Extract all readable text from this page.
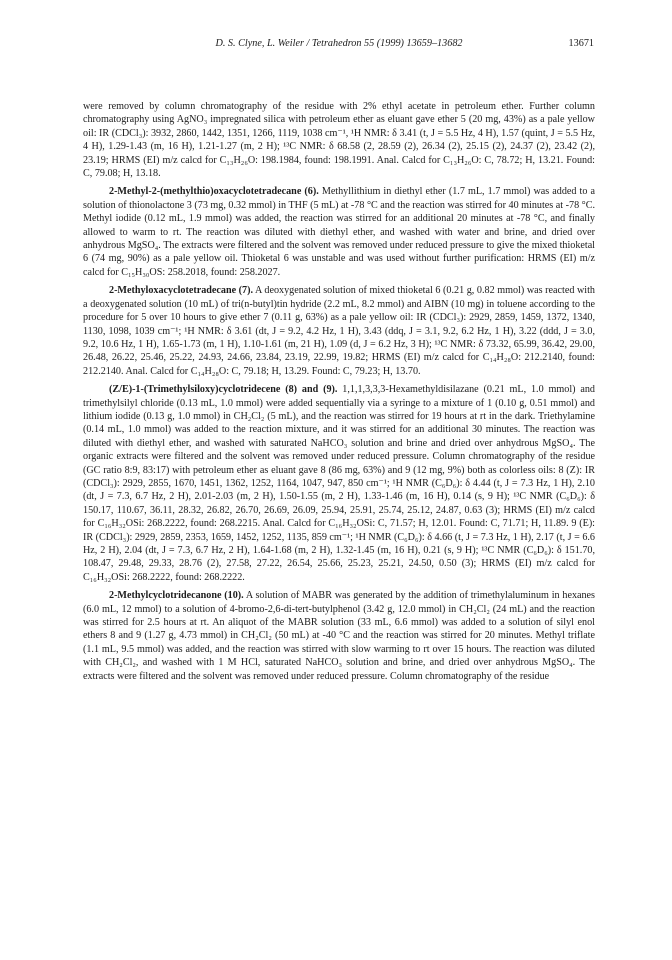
D. S. Clyne, L. Weiler / Tetrahedron 55 (1999) 13659–13682	13671

were removed by column chromatography of the residue with 2% ethyl acetate in petroleum ether. Further column chromatography using AgNO₃ impregnated silica with petroleum ether as eluant gave ether 5 (20 mg, 43%) as a pale yellow oil: IR (CDCl₃): 3932, 2860, 1442, 1351, 1266, 1119, 1038 cm⁻¹, ¹H NMR: δ 3.41 (t, J = 5.5 Hz, 4 H), 1.57 (quint, J = 5.5 Hz, 4 H), 1.29-1.43 (m, 16 H), 1.21-1.27 (m, 2 H); ¹³C NMR: δ 68.58 (2, 28.59 (2), 26.34 (2), 25.15 (2), 24.37 (2), 23.42 (2), 23.19; HRMS (EI) m/z calcd for C₁₃H₂₆O: 198.1984, found: 198.1991. Anal. Calcd for C₁₃H₂₆O: C, 78.72; H, 13.21. Found: C, 79.08; H, 13.18.

2-Methyl-2-(methylthio)oxacyclotetradecane (6). Methyllithium in diethyl ether (1.7 mL, 1.7 mmol) was added to a solution of thionolactone 3 (73 mg, 0.32 mmol) in THF (5 mL) at -78 °C and the reaction was stirred for 40 minutes at -78 °C. Methyl iodide (0.12 mL, 1.9 mmol) was added, the reaction was stirred for an additional 20 minutes at -78 °C, and finally allowed to warm to rt. The reaction was diluted with diethyl ether, and washed with water and brine, and dried over anhydrous MgSO₄. The extracts were filtered and the solvent was removed under reduced pressure to give the mixed thioketal 6 (74 mg, 90%) as a pale yellow oil. Thioketal 6 was unstable and was used without further purification: HRMS (EI) m/z calcd for C₁₅H₃₀OS: 258.2018, found: 258.2027.

2-Methyloxacyclotetradecane (7). A deoxygenated solution of mixed thioketal 6 (0.21 g, 0.82 mmol) was reacted with a deoxygenated solution (10 mL) of tri(n-butyl)tin hydride (2.2 mL, 8.2 mmol) and AIBN (10 mg) in toluene according to the procedure for 5 over 10 hours to give ether 7 (0.11 g, 63%) as a pale yellow oil: IR (CDCl₃): 2929, 2859, 1459, 1372, 1340, 1130, 1098, 1039 cm⁻¹; ¹H NMR: δ 3.61 (dt, J = 9.2, 4.2 Hz, 1 H), 3.43 (ddq, J = 3.1, 9.2, 6.2 Hz, 1 H), 3.22 (ddd, J = 3.0, 9.2, 10.6 Hz, 1 H), 1.65-1.73 (m, 1 H), 1.10-1.61 (m, 21 H), 1.09 (d, J = 6.2 Hz, 3 H); ¹³C NMR: δ 73.32, 65.99, 36.42, 29.00, 26.48, 26.22, 25.46, 25.22, 24.93, 24.66, 23.84, 23.19, 22.99, 19.82; HRMS (EI) m/z calcd for C₁₄H₂₈O: 212.2140, found: 212.2140. Anal. Calcd for C₁₄H₂₈O: C, 79.18; H, 13.29. Found: C, 79.23; H, 13.70.

(Z/E)-1-(Trimethylsiloxy)cyclotridecene (8) and (9). 1,1,1,3,3,3-Hexamethyldisilazane (0.21 mL, 1.0 mmol) and trimethylsilyl chloride (0.13 mL, 1.0 mmol) were added sequentially via a syringe to a mixture of 1 (0.10 g, 0.51 mmol) and lithium iodide (0.13 g, 1.0 mmol) in CH₂Cl₂ (5 mL), and the reaction was stirred for 19 hours at rt in the dark. Triethylamine (0.14 mL, 1.0 mmol) was added to the reaction mixture, and it was stirred for an additional 30 minutes. The reaction was diluted with diethyl ether, and washed with saturated NaHCO₃ solution and brine and dried over anhydrous MgSO₄. The organic extracts were filtered and the solvent was removed under reduced pressure. Column chromatography of the residue (GC ratio 8:9, 83:17) with petroleum ether as eluant gave 8 (86 mg, 63%) and 9 (12 mg, 9%) both as colorless oils: 8 (Z): IR (CDCl₃): 2929, 2855, 1670, 1451, 1362, 1252, 1164, 1047, 947, 850 cm⁻¹; ¹H NMR (C₆D₆): δ 4.44 (t, J = 7.3 Hz, 1 H), 2.10 (dt, J = 7.3, 6.7 Hz, 2 H), 2.01-2.03 (m, 2 H), 1.50-1.55 (m, 2 H), 1.33-1.46 (m, 16 H), 0.14 (s, 9 H); ¹³C NMR (C₆D₆): δ 150.17, 110.67, 36.11, 28.32, 26.82, 26.70, 26.69, 26.09, 25.94, 25.91, 25.74, 25.12, 24.87, 0.63 (3); HRMS (EI) m/z calcd for C₁₆H₃₂OSi: 268.2222, found: 268.2215. Anal. Calcd for C₁₆H₃₂OSi: C, 71.57; H, 12.01. Found: C, 71.71; H, 11.89. 9 (E): IR (CDCl₃): 2929, 2859, 2353, 1659, 1452, 1252, 1135, 859 cm⁻¹; ¹H NMR (C₆D₆): δ 4.66 (t, J = 7.3 Hz, 1 H), 2.17 (t, J = 6.6 Hz, 2 H), 2.04 (dt, J = 7.3, 6.7 Hz, 2 H), 1.64-1.68 (m, 2 H), 1.32-1.45 (m, 16 H), 0.21 (s, 9 H); ¹³C NMR (C₆D₆): δ 151.70, 108.47, 29.48, 29.33, 28.76 (2), 27.58, 27.22, 26.54, 25.66, 25.23, 25.21, 24.50, 0.50 (3); HRMS (EI) m/z calcd for C₁₆H₃₂OSi: 268.2222, found: 268.2222.

2-Methylcyclotridecanone (10). A solution of MABR was generated by the addition of trimethylaluminum in hexanes (6.0 mL, 12 mmol) to a solution of 4-bromo-2,6-di-tert-butylphenol (3.42 g, 12.0 mmol) in CH₂Cl₂ (24 mL) and the reaction was stirred for 2.5 hours at rt. An aliquot of the MABR solution (33 mL, 6.6 mmol) was added to a solution of silyl enol ethers 8 and 9 (1.27 g, 4.73 mmol) in CH₂Cl₂ (50 mL) at -40 °C and the reaction was stirred for 20 minutes. Methyl triflate (1.1 mL, 9.5 mmol) was added, and the reaction was stirred with slow warming to rt over 15 hours. The reaction was diluted with CH₂Cl₂, and washed with 1 M HCl, saturated NaHCO₃ solution and brine, and dried over anhydrous MgSO₄. The extracts were filtered and the solvent was removed under reduced pressure. Column chromatography of the residue
